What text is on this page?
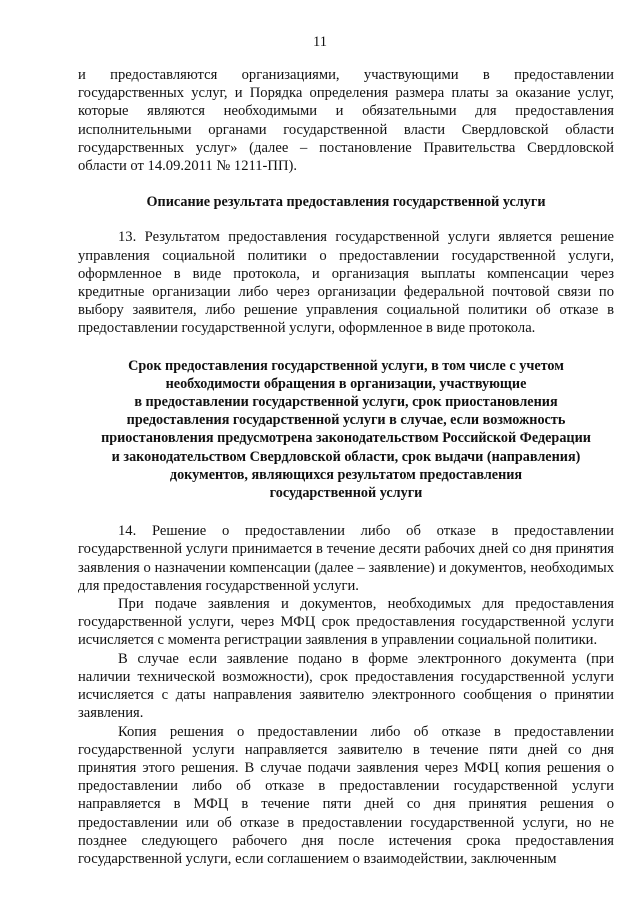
11

и предоставляются организациями, участвующими в предоставлении государственных услуг, и Порядка определения размера платы за оказание услуг, которые являются необходимыми и обязательными для предоставления исполнительными органами государственной власти Свердловской области государственных услуг» (далее – постановление Правительства Свердловской области от 14.09.2011 № 1211-ПП).

Описание результата предоставления государственной услуги

13. Результатом предоставления государственной услуги является решение управления социальной политики о предоставлении государственной услуги, оформленное в виде протокола, и организация выплаты компенсации через кредитные организации либо через организации федеральной почтовой связи по выбору заявителя, либо решение управления социальной политики об отказе в предоставлении государственной услуги, оформленное в виде протокола.

Срок предоставления государственной услуги, в том числе с учетом
необходимости обращения в организации, участвующие
в предоставлении государственной услуги, срок приостановления
предоставления государственной услуги в случае, если возможность
приостановления предусмотрена законодательством Российской Федерации
и законодательством Свердловской области, срок выдачи (направления)
документов, являющихся результатом предоставления
государственной услуги

14. Решение о предоставлении либо об отказе в предоставлении государственной услуги принимается в течение десяти рабочих дней со дня принятия заявления о назначении компенсации (далее – заявление) и документов, необходимых для предоставления государственной услуги.

При подаче заявления и документов, необходимых для предоставления государственной услуги, через МФЦ срок предоставления государственной услуги исчисляется с момента регистрации заявления в управлении социальной политики.

В случае если заявление подано в форме электронного документа (при наличии технической возможности), срок предоставления государственной услуги исчисляется с даты направления заявителю электронного сообщения о принятии заявления.

Копия решения о предоставлении либо об отказе в предоставлении государственной услуги направляется заявителю в течение пяти дней со дня принятия этого решения. В случае подачи заявления через МФЦ копия решения о предоставлении либо об отказе в предоставлении государственной услуги направляется в МФЦ в течение пяти дней со дня принятия решения о предоставлении или об отказе в предоставлении государственной услуги, но не позднее следующего рабочего дня после истечения срока предоставления государственной услуги, если соглашением о взаимодействии, заключенным
